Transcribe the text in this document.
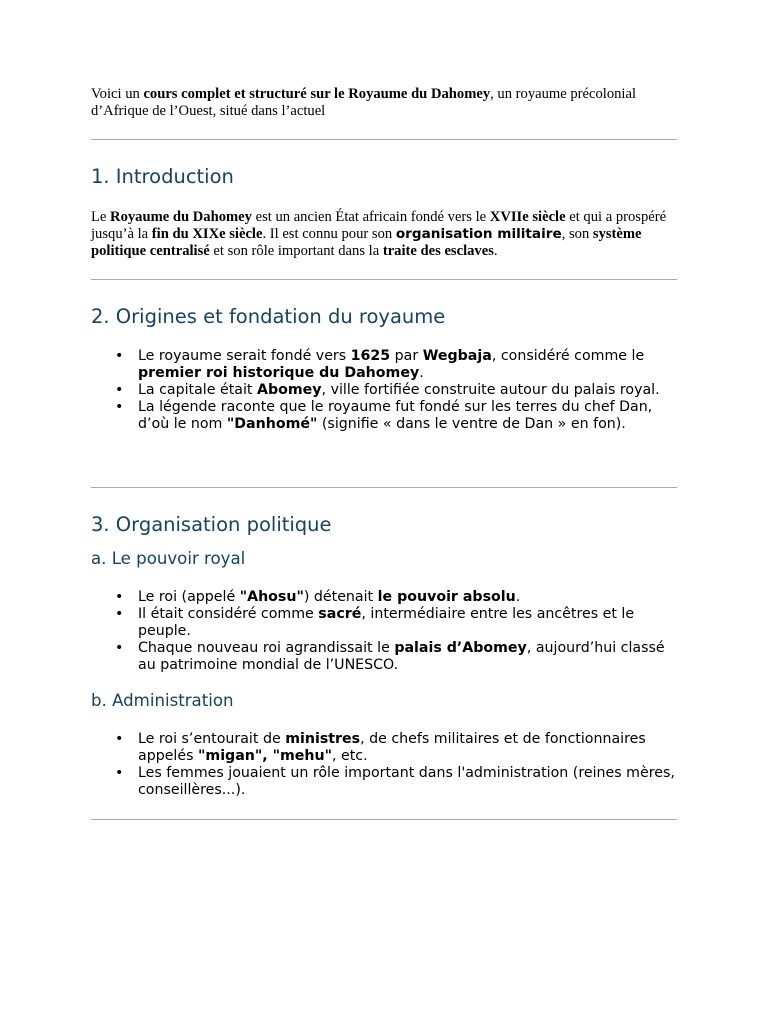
Voici un cours complet et structuré sur le Royaume du Dahomey, un royaume précolonial d’Afrique de l’Ouest, situé dans l’actuel

1. Introduction

Le Royaume du Dahomey est un ancien État africain fondé vers le XVIIe siècle et qui a prospéré jusqu’à la fin du XIXe siècle. Il est connu pour son organisation militaire, son système politique centralisé et son rôle important dans la traite des esclaves.

2. Origines et fondation du royaume
• Le royaume serait fondé vers 1625 par Wegbaja, considéré comme le premier roi historique du Dahomey.
• La capitale était Abomey, ville fortifiée construite autour du palais royal.
• La légende raconte que le royaume fut fondé sur les terres du chef Dan, d’où le nom "Danhomé" (signifie « dans le ventre de Dan » en fon).
3. Organisation politique
a. Le pouvoir royal
• Le roi (appelé "Ahosu") détenait le pouvoir absolu.
• Il était considéré comme sacré, intermédiaire entre les ancêtres et le peuple.
• Chaque nouveau roi agrandissait le palais d’Abomey, aujourd’hui classé au patrimoine mondial de l’UNESCO.
b. Administration
• Le roi s’entourait de ministres, de chefs militaires et de fonctionnaires appelés "migan", "mehu", etc.
• Les femmes jouaient un rôle important dans l'administration (reines mères, conseillères...).
